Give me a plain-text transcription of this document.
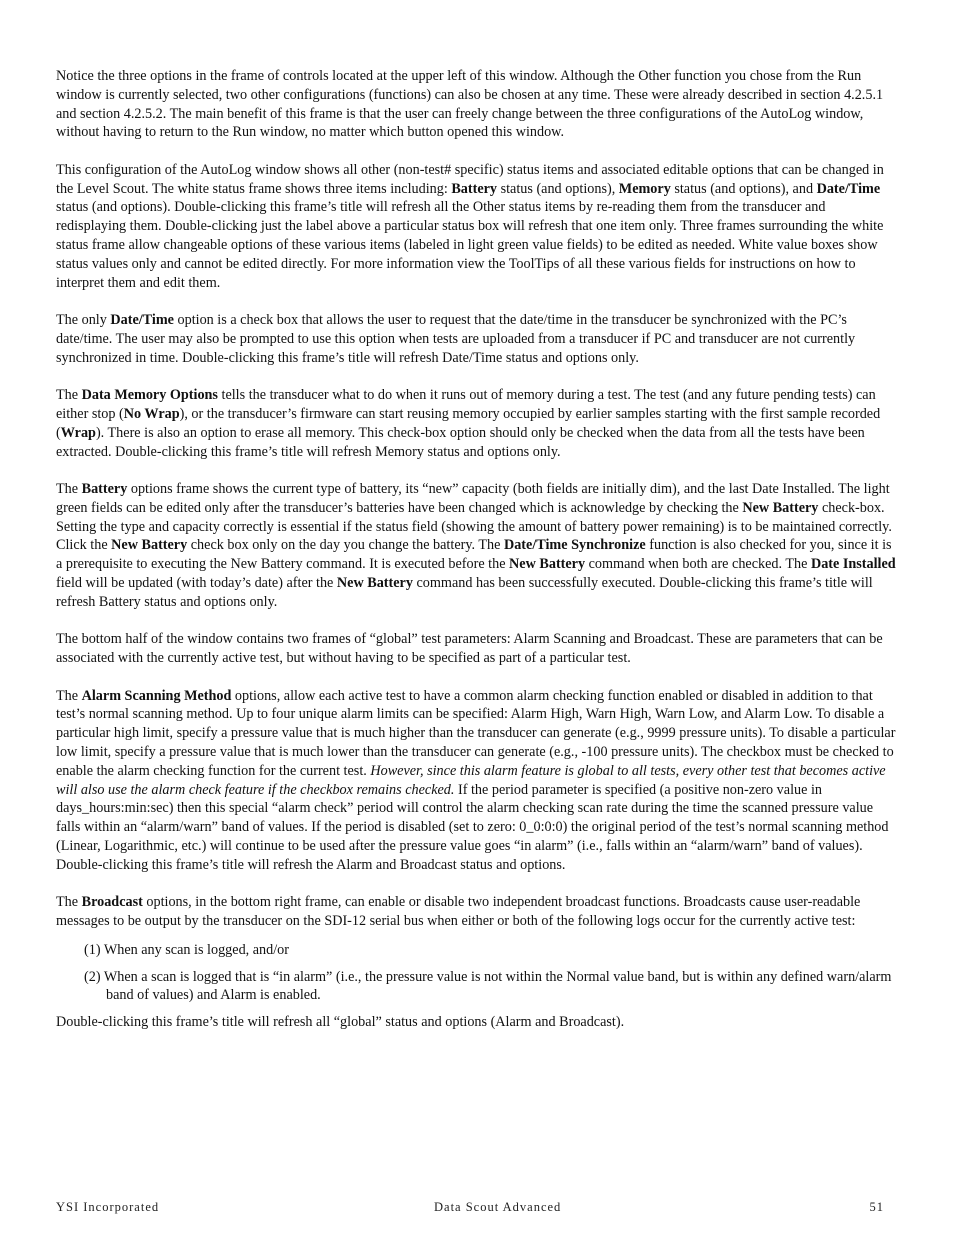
Notice the three options in the frame of controls located at the upper left of this window. Although the Other function you chose from the Run window is currently selected, two other configurations (functions) can also be chosen at any time. These were already described in section 4.2.5.1 and section 4.2.5.2. The main benefit of this frame is that the user can freely change between the three configurations of the AutoLog window, without having to return to the Run window, no matter which button opened this window.

This configuration of the AutoLog window shows all other (non-test# specific) status items and associated editable options that can be changed in the Level Scout. The white status frame shows three items including: Battery status (and options), Memory status (and options), and Date/Time status (and options). Double-clicking this frame’s title will refresh all the Other status items by re-reading them from the transducer and redisplaying them. Double-clicking just the label above a particular status box will refresh that one item only. Three frames surrounding the white status frame allow changeable options of these various items (labeled in light green value fields) to be edited as needed. White value boxes show status values only and cannot be edited directly. For more information view the ToolTips of all these various fields for instructions on how to interpret them and edit them.

The only Date/Time option is a check box that allows the user to request that the date/time in the transducer be synchronized with the PC’s date/time. The user may also be prompted to use this option when tests are uploaded from a transducer if PC and transducer are not currently synchronized in time. Double-clicking this frame’s title will refresh Date/Time status and options only.

The Data Memory Options tells the transducer what to do when it runs out of memory during a test. The test (and any future pending tests) can either stop (No Wrap), or the transducer’s firmware can start reusing memory occupied by earlier samples starting with the first sample recorded (Wrap). There is also an option to erase all memory. This check-box option should only be checked when the data from all the tests have been extracted. Double-clicking this frame’s title will refresh Memory status and options only.

The Battery options frame shows the current type of battery, its “new” capacity (both fields are initially dim), and the last Date Installed. The light green fields can be edited only after the transducer’s batteries have been changed which is acknowledge by checking the New Battery check-box. Setting the type and capacity correctly is essential if the status field (showing the amount of battery power remaining) is to be maintained correctly. Click the New Battery check box only on the day you change the battery. The Date/Time Synchronize function is also checked for you, since it is a prerequisite to executing the New Battery command. It is executed before the New Battery command when both are checked. The Date Installed field will be updated (with today’s date) after the New Battery command has been successfully executed. Double-clicking this frame’s title will refresh Battery status and options only.

The bottom half of the window contains two frames of “global” test parameters: Alarm Scanning and Broadcast. These are parameters that can be associated with the currently active test, but without having to be specified as part of a particular test.

The Alarm Scanning Method options, allow each active test to have a common alarm checking function enabled or disabled in addition to that test’s normal scanning method. Up to four unique alarm limits can be specified: Alarm High, Warn High, Warn Low, and Alarm Low. To disable a particular high limit, specify a pressure value that is much higher than the transducer can generate (e.g., 9999 pressure units). To disable a particular low limit, specify a pressure value that is much lower than the transducer can generate (e.g., -100 pressure units). The checkbox must be checked to enable the alarm checking function for the current test. However, since this alarm feature is global to all tests, every other test that becomes active will also use the alarm check feature if the checkbox remains checked. If the period parameter is specified (a positive non-zero value in days_hours:min:sec) then this special “alarm check” period will control the alarm checking scan rate during the time the scanned pressure value falls within an “alarm/warn” band of values. If the period is disabled (set to zero: 0_0:0:0) the original period of the test’s normal scanning method (Linear, Logarithmic, etc.) will continue to be used after the pressure value goes “in alarm” (i.e., falls within an “alarm/warn” band of values). Double-clicking this frame’s title will refresh the Alarm and Broadcast status and options.

The Broadcast options, in the bottom right frame, can enable or disable two independent broadcast functions. Broadcasts cause user-readable messages to be output by the transducer on the SDI-12 serial bus when either or both of the following logs occur for the currently active test:

(1) When any scan is logged, and/or
(2) When a scan is logged that is “in alarm” (i.e., the pressure value is not within the Normal value band, but is within any defined warn/alarm band of values) and Alarm is enabled.

Double-clicking this frame’s title will refresh all “global” status and options (Alarm and Broadcast).

YSI Incorporated	Data Scout Advanced	51
